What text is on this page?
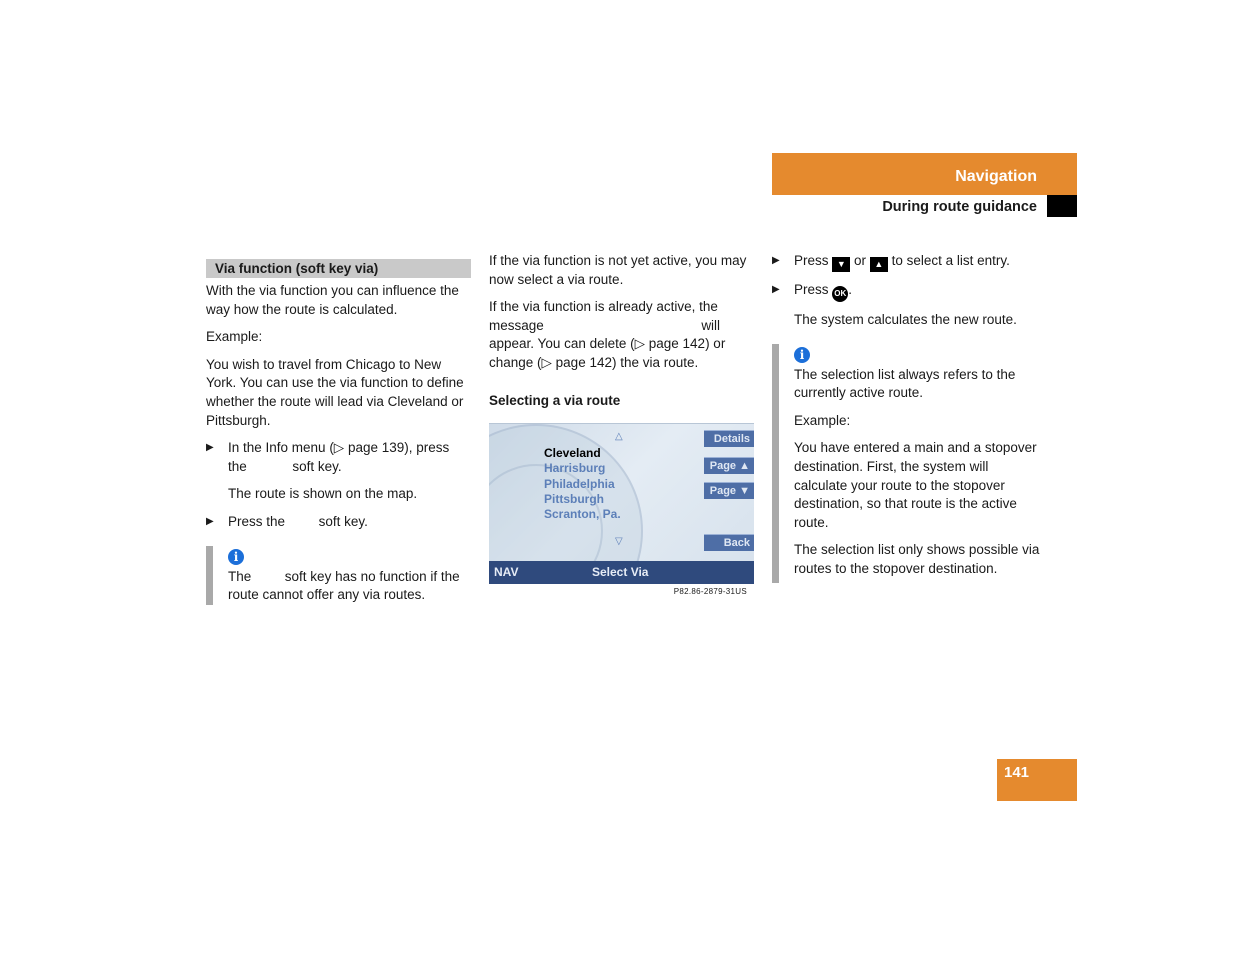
Navigation
During route guidance
Via function (soft key via)

With the via function you can influence the way how the route is calculated.

Example:

You wish to travel from Chicago to New York. You can use the via function to define whether the route will lead via Cleveland or Pittsburgh.

▶ In the Info menu (▷ page 139), press the	soft key.

The route is shown on the map.

▶ Press the soft key.
i

The soft key has no function if the route cannot offer any via routes.

If the via function is not yet active, you may now select a via route.

If the via function is already active, the message	will appear. You can delete (▷ page 142) or change (▷ page 142) the via route.

Selecting a via route

△
Cleveland
Harrisburg
Philadelphia
Pittsburgh
Scranton, Pa.
▽
Details
Page ▲
Page ▼
Back
NAV	Select Via
P82.86-2879-31US
▶ Press ▼ or ▲ to select a list entry.
▶ Press OK .

The system calculates the new route.

i

The selection list always refers to the currently active route.

Example:

You have entered a main and a stopover destination. First, the system will calculate your route to the stopover destination, so that route is the active route.

The selection list only shows possible via routes to the stopover destination.

141
